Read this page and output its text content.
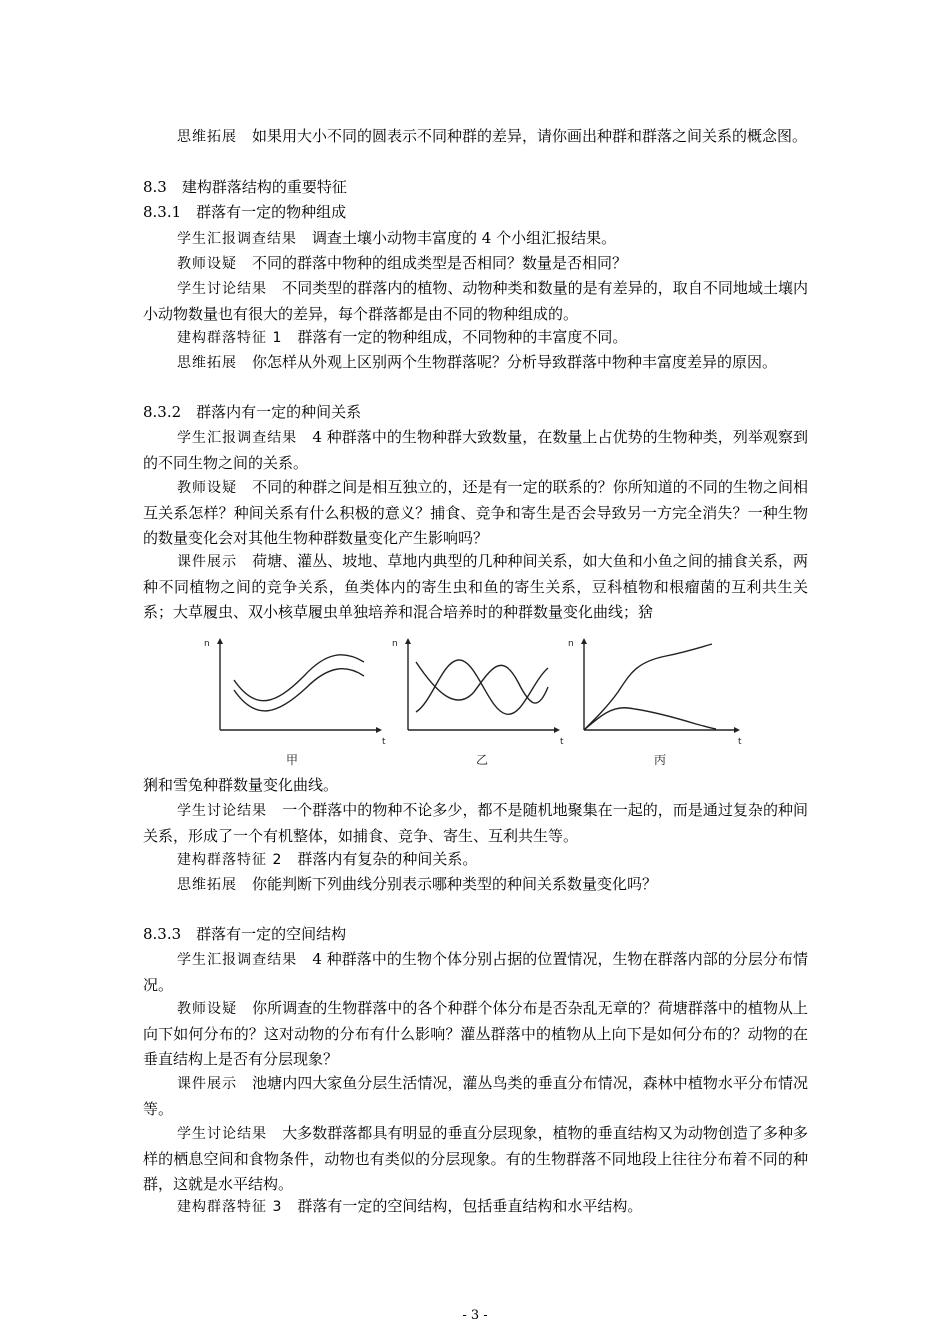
思维拓展　 如果用大小不同的圆表示不同种群的差异，请你画出种群和群落之间关系的概念图。
8.3　建构群落结构的重要特征
8.3.1　群落有一定的物种组成
学生汇报调查结果　 调查土壤小动物丰富度的 4 个小组汇报结果。
教师设疑　 不同的群落中物种的组成类型是否相同？数量是否相同？
学生讨论结果　 不同类型的群落内的植物、动物种类和数量的是有差异的，取自不同地域土壤内小动物数量也有很大的差异，每个群落都是由不同的物种组成的。
建构群落特征 1　 群落有一定的物种组成，不同物种的丰富度不同。
思维拓展　 你怎样从外观上区别两个生物群落呢？分析导致群落中物种丰富度差异的原因。
8.3.2　群落内有一定的种间关系
学生汇报调查结果　 4 种群落中的生物种群大致数量，在数量上占优势的生物种类，列举观察到的不同生物之间的关系。
教师设疑　 不同的种群之间是相互独立的，还是有一定的联系的？你所知道的不同的生物之间相互关系怎样？种间关系有什么积极的意义？捕食、竞争和寄生是否会导致另一方完全消失？一种生物的数量变化会对其他生物种群数量变化产生影响吗？
课件展示　 荷塘、灌丛、坡地、草地内典型的几种种间关系，如大鱼和小鱼之间的捕食关系，两种不同植物之间的竞争关系，鱼类体内的寄生虫和鱼的寄生关系，豆科植物和根瘤菌的互利共生关系；大草履虫、双小核草履虫单独培养和混合培养时的种群数量变化曲线；猞
n
t
n
t
n
t
甲	乙	丙
猁和雪兔种群数量变化曲线。
学生讨论结果　 一个群落中的物种不论多少，都不是随机地聚集在一起的，而是通过复杂的种间关系，形成了一个有机整体，如捕食、竞争、寄生、互利共生等。
建构群落特征 2　 群落内有复杂的种间关系。
思维拓展　 你能判断下列曲线分别表示哪种类型的种间关系数量变化吗？
8.3.3　群落有一定的空间结构
学生汇报调查结果　 4 种群落中的生物个体分别占据的位置情况，生物在群落内部的分层分布情况。
教师设疑　 你所调查的生物群落中的各个种群个体分布是否杂乱无章的？荷塘群落中的植物从上向下如何分布的？这对动物的分布有什么影响？灌丛群落中的植物从上向下是如何分布的？动物的在垂直结构上是否有分层现象？
课件展示　 池塘内四大家鱼分层生活情况，灌丛鸟类的垂直分布情况，森林中植物水平分布情况等。
学生讨论结果　 大多数群落都具有明显的垂直分层现象，植物的垂直结构又为动物创造了多种多样的栖息空间和食物条件，动物也有类似的分层现象。有的生物群落不同地段上往往分布着不同的种群，这就是水平结构。
建构群落特征 3　 群落有一定的空间结构，包括垂直结构和水平结构。
- 3 -
